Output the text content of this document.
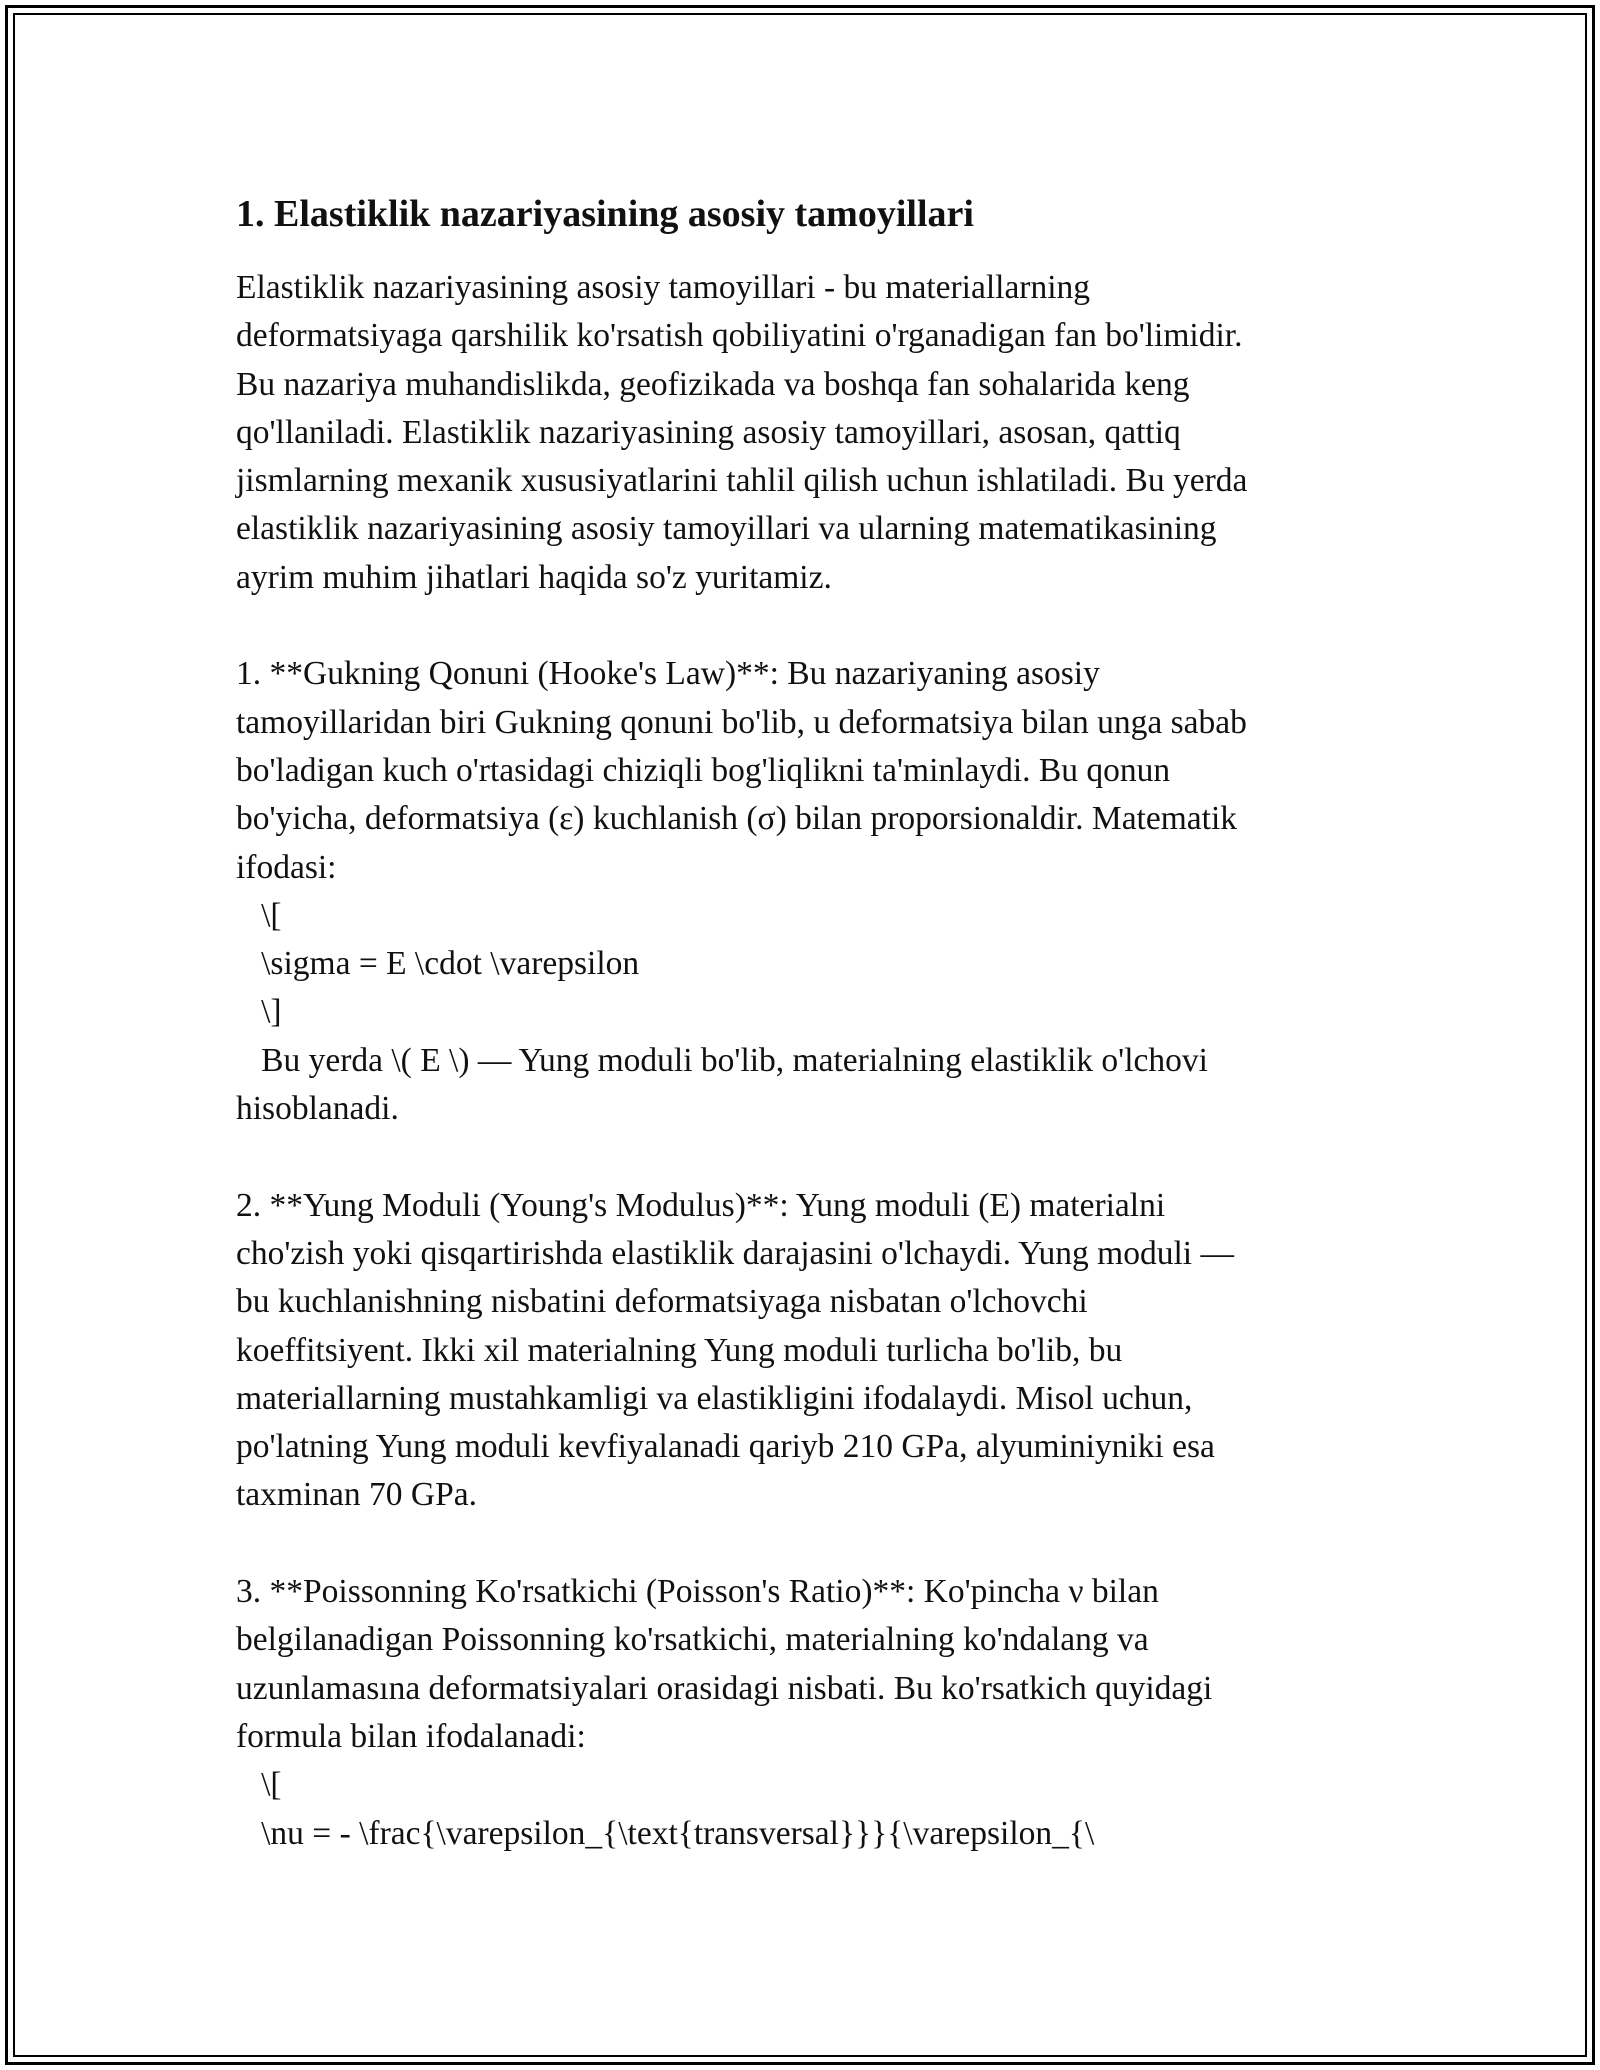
1. Elastiklik nazariyasining asosiy tamoyillari

Elastiklik nazariyasining asosiy tamoyillari - bu materiallarning
deformatsiyaga qarshilik ko'rsatish qobiliyatini o'rganadigan fan bo'limidir.
Bu nazariya muhandislikda, geofizikada va boshqa fan sohalarida keng
qo'llaniladi. Elastiklik nazariyasining asosiy tamoyillari, asosan, qattiq
jismlarning mexanik xususiyatlarini tahlil qilish uchun ishlatiladi. Bu yerda
elastiklik nazariyasining asosiy tamoyillari va ularning matematikasining
ayrim muhim jihatlari haqida so'z yuritamiz.

1. **Gukning Qonuni (Hooke's Law)**: Bu nazariyaning asosiy
tamoyillaridan biri Gukning qonuni bo'lib, u deformatsiya bilan unga sabab
bo'ladigan kuch o'rtasidagi chiziqli bog'liqlikni ta'minlaydi. Bu qonun
bo'yicha, deformatsiya (ε) kuchlanish (σ) bilan proporsionaldir. Matematik
ifodasi:
\[
\sigma = E \cdot \varepsilon
\]
Bu yerda \( E \) — Yung moduli bo'lib, materialning elastiklik o'lchovi
hisoblanadi.

2. **Yung Moduli (Young's Modulus)**: Yung moduli (E) materialni
cho'zish yoki qisqartirishda elastiklik darajasini o'lchaydi. Yung moduli —
bu kuchlanishning nisbatini deformatsiyaga nisbatan o'lchovchi
koeffitsiyent. Ikki xil materialning Yung moduli turlicha bo'lib, bu
materiallarning mustahkamligi va elastikligini ifodalaydi. Misol uchun,
po'latning Yung moduli kevfiyalanadi qariyb 210 GPa, alyuminiyniki esa
taxminan 70 GPa.

3. **Poissonning Ko'rsatkichi (Poisson's Ratio)**: Ko'pincha ν bilan
belgilanadigan Poissonning ko'rsatkichi, materialning ko'ndalang va
uzunlamasına deformatsiyalari orasidagi nisbati. Bu ko'rsatkich quyidagi
formula bilan ifodalanadi:
\[
\nu = - \frac{\varepsilon_{\text{transversal}}}{\varepsilon_{\
